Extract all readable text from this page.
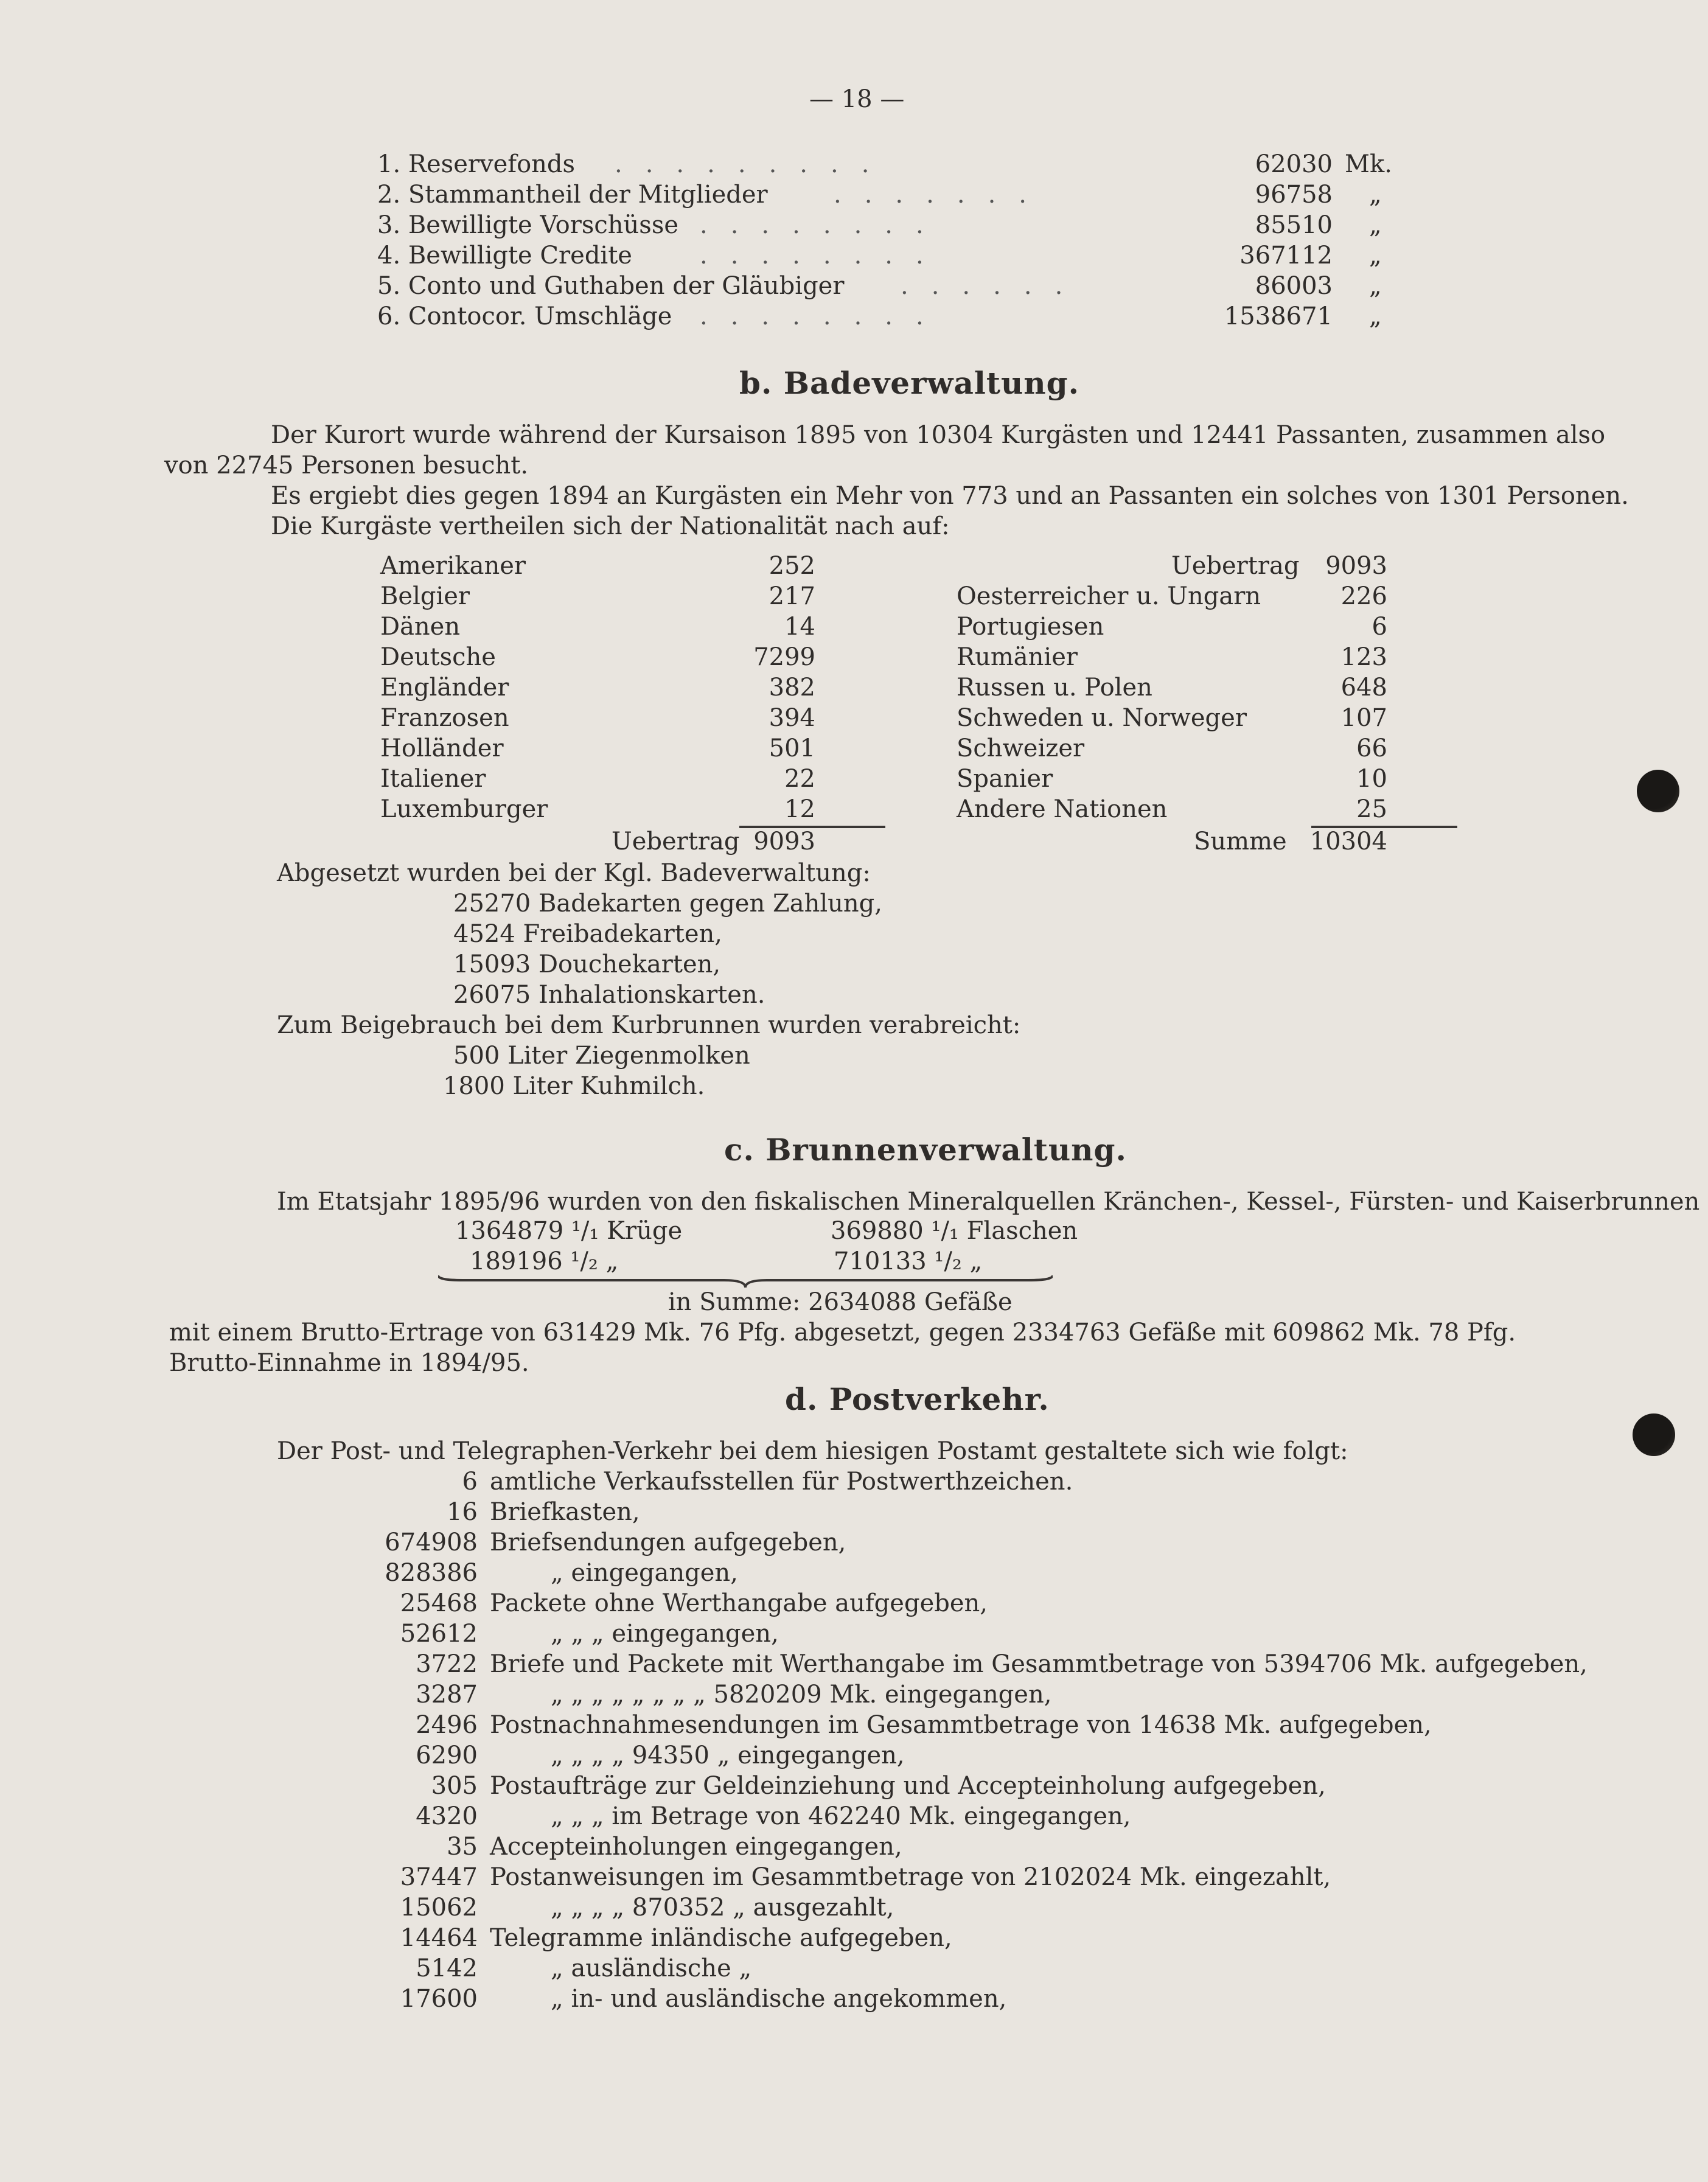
— 18 —
1. Reservefonds .........	62030 Mk.
2. Stammantheil der Mitglieder	.......	96758 „
3. Bewilligte Vorschüsse ........	85510 „
4. Bewilligte Credite	........	367112 „
5. Conto und Guthaben der Gläubiger ......	86003 „
6. Contocor. Umschläge ........	1538671 „
b. Badeverwaltung.
Der Kurort wurde während der Kursaison 1895 von 10304 Kurgästen und 12441 Passanten, zusammen also
von 22745 Personen besucht.
Es ergiebt dies gegen 1894 an Kurgästen ein Mehr von 773 und an Passanten ein solches von 1301 Personen.
Die Kurgäste vertheilen sich der Nationalität nach auf:
Amerikaner	252
Belgier	217
Dänen	14
Deutsche	7299
Engländer	382
Franzosen	394
Holländer	501
Italiener	22
Luxemburger	12
Uebertrag 9093
Uebertrag	9093
Oesterreicher u. Ungarn	226
Portugiesen	6
Rumänier	123
Russen u. Polen	648
Schweden u. Norweger	107
Schweizer	66
Spanier	10
Andere Nationen	25
Summe 10304
Abgesetzt wurden bei der Kgl. Badeverwaltung:
25270 Badekarten gegen Zahlung,
4524 Freibadekarten,
15093 Douchekarten,
26075 Inhalationskarten.
Zum Beigebrauch bei dem Kurbrunnen wurden verabreicht:
500 Liter Ziegenmolken
1800 Liter Kuhmilch.
c. Brunnenverwaltung.
Im Etatsjahr 1895/96 wurden von den fiskalischen Mineralquellen Kränchen-, Kessel-, Fürsten- und Kaiserbrunnen
1364879 ¹/₁ Krüge	369880 ¹/₁ Flaschen
189196 ¹/₂ „	710133 ¹/₂ „
in Summe: 2634088 Gefäße
mit einem Brutto-Ertrage von 631429 Mk. 76 Pfg. abgesetzt, gegen 2334763 Gefäße mit 609862 Mk. 78 Pfg.
Brutto-Einnahme in 1894/95.
d. Postverkehr.
Der Post- und Telegraphen-Verkehr bei dem hiesigen Postamt gestaltete sich wie folgt:
6 amtliche Verkaufsstellen für Postwerthzeichen.
16 Briefkasten,
674908 Briefsendungen aufgegeben,
828386	„ eingegangen,
25468 Packete ohne Werthangabe aufgegeben,
52612	„ „ „ eingegangen,
3722 Briefe und Packete mit Werthangabe im Gesammtbetrage von 5394706 Mk. aufgegeben,
3287	„ „ „ „ „ „ „ „ 5820209 Mk. eingegangen,
2496 Postnachnahmesendungen im Gesammtbetrage von 14638 Mk. aufgegeben,
6290	„ „ „ „ 94350 „ eingegangen,
305 Postaufträge zur Geldeinziehung und Accepteinholung aufgegeben,
4320	„ „ „ im Betrage von 462240 Mk. eingegangen,
35 Accepteinholungen eingegangen,
37447 Postanweisungen im Gesammtbetrage von 2102024 Mk. eingezahlt,
15062	„ „ „ „ 870352 „ ausgezahlt,
14464 Telegramme inländische aufgegeben,
5142	„ ausländische „
17600	„ in- und ausländische angekommen,
